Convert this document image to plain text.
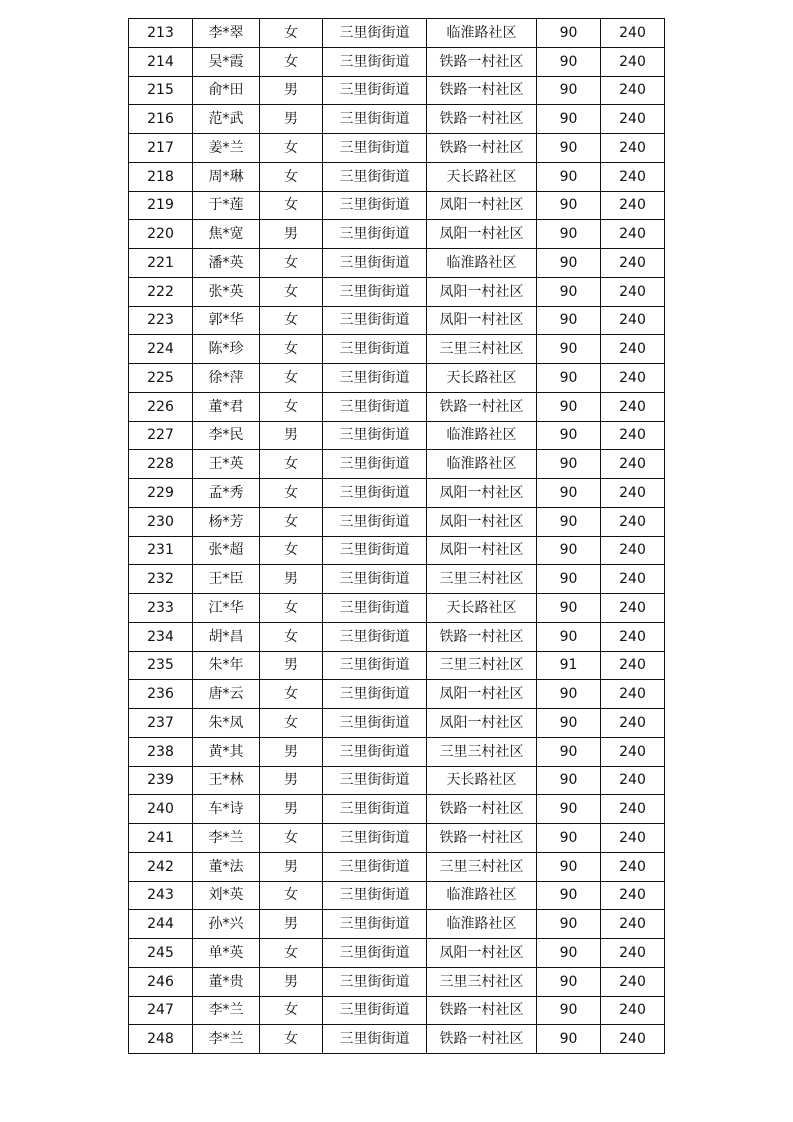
213	李*翠	女	三里街街道	临淮路社区	90	240
214	吴*霞	女	三里街街道	铁路一村社区	90	240
215	俞*田	男	三里街街道	铁路一村社区	90	240
216	范*武	男	三里街街道	铁路一村社区	90	240
217	姜*兰	女	三里街街道	铁路一村社区	90	240
218	周*琳	女	三里街街道	天长路社区	90	240
219	于*莲	女	三里街街道	凤阳一村社区	90	240
220	焦*宽	男	三里街街道	凤阳一村社区	90	240
221	潘*英	女	三里街街道	临淮路社区	90	240
222	张*英	女	三里街街道	凤阳一村社区	90	240
223	郭*华	女	三里街街道	凤阳一村社区	90	240
224	陈*珍	女	三里街街道	三里三村社区	90	240
225	徐*萍	女	三里街街道	天长路社区	90	240
226	董*君	女	三里街街道	铁路一村社区	90	240
227	李*民	男	三里街街道	临淮路社区	90	240
228	王*英	女	三里街街道	临淮路社区	90	240
229	孟*秀	女	三里街街道	凤阳一村社区	90	240
230	杨*芳	女	三里街街道	凤阳一村社区	90	240
231	张*超	女	三里街街道	凤阳一村社区	90	240
232	王*臣	男	三里街街道	三里三村社区	90	240
233	江*华	女	三里街街道	天长路社区	90	240
234	胡*昌	女	三里街街道	铁路一村社区	90	240
235	朱*年	男	三里街街道	三里三村社区	91	240
236	唐*云	女	三里街街道	凤阳一村社区	90	240
237	朱*凤	女	三里街街道	凤阳一村社区	90	240
238	黄*其	男	三里街街道	三里三村社区	90	240
239	王*林	男	三里街街道	天长路社区	90	240
240	车*诗	男	三里街街道	铁路一村社区	90	240
241	李*兰	女	三里街街道	铁路一村社区	90	240
242	董*法	男	三里街街道	三里三村社区	90	240
243	刘*英	女	三里街街道	临淮路社区	90	240
244	孙*兴	男	三里街街道	临淮路社区	90	240
245	单*英	女	三里街街道	凤阳一村社区	90	240
246	董*贵	男	三里街街道	三里三村社区	90	240
247	李*兰	女	三里街街道	铁路一村社区	90	240
248	李*兰	女	三里街街道	铁路一村社区	90	240
